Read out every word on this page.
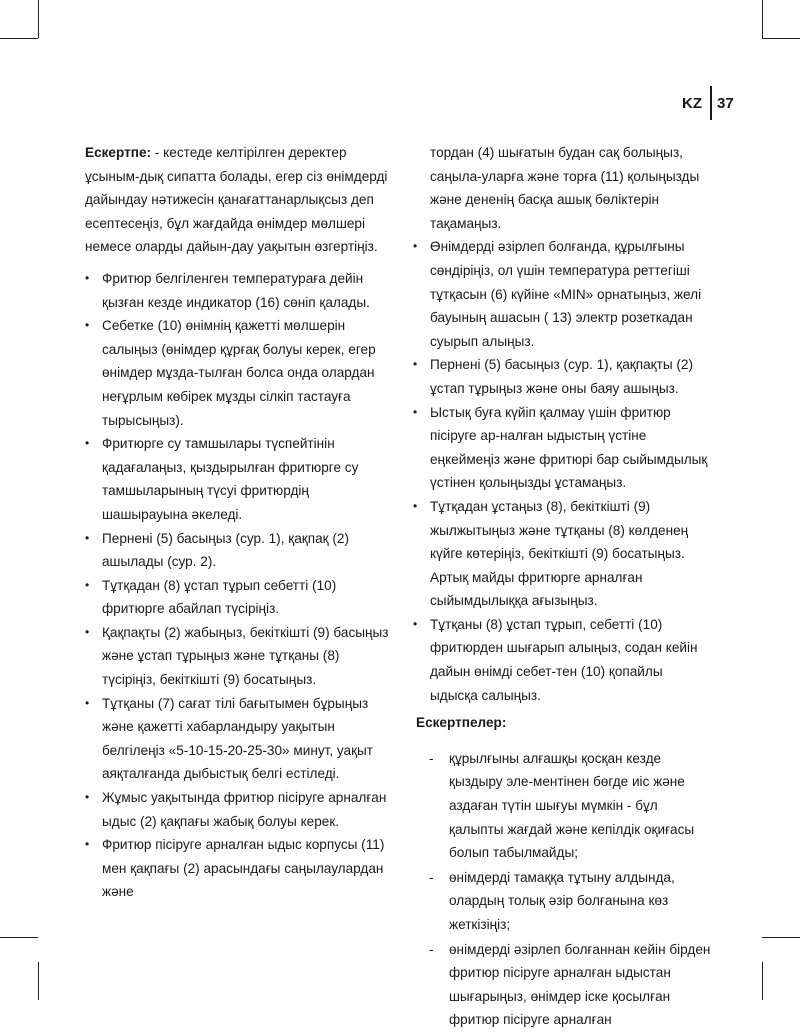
KZ 37

Ескертпе: - кестеде келтірілген деректер ұсыным-дық сипатта болады, егер сіз өнімдерді дайындау нәтижесін қанағаттанарлықсыз деп есептесеңіз, бұл жағдайда өнімдер мөлшері немесе оларды дайын-дау уақытын өзгертіңіз.

• Фритюр белгіленген температураға дейін қызған кезде индикатор (16) сөніп қалады.
• Себетке (10) өнімнің қажетті мөлшерін салыңыз (өнімдер құрғақ болуы керек, егер өнімдер мұзда-тылған болса онда олардан неғұрлым көбірек мұзды сілкіп тастауға тырысыңыз).
• Фритюрге су тамшылары түспейтінін қадағалаңыз, қыздырылған фритюрге су тамшыларының түсуі фритюрдің шашырауына әкеледі.
• Пернені (5) басыңыз (сур. 1), қақпақ (2) ашылады (сур. 2).
• Тұтқадан (8) ұстап тұрып себетті (10) фритюрге абайлап түсіріңіз.
• Қақпақты (2) жабыңыз, бекіткішті (9) басыңыз және ұстап тұрыңыз және тұтқаны (8) түсіріңіз, бекіткішті (9) босатыңыз.
• Тұтқаны (7) сағат тілі бағытымен бұрыңыз және қажетті хабарландыру уақытын белгілеңіз «5-10-15-20-25-30» минут, уақыт аяқталғанда дыбыстық белгі естіледі.
• Жұмыс уақытында фритюр пісіруге арналған ыдыс (2) қақпағы жабық болуы керек.
• Фритюр пісіруге арналған ыдыс корпусы (11) мен қақпағы (2) арасындағы саңылаулардан және

тордан (4) шығатын будан сақ болыңыз, саңыла-уларға және торға (11) қолыңызды және дененің басқа ашық бөліктерін тақамаңыз.

• Өнімдерді әзірлеп болғанда, құрылғыны сөндіріңіз, ол үшін температура реттегіші тұтқасын (6) күйіне «MIN» орнатыңыз, желі бауының ашасын ( 13) электр розеткадан суырып алыңыз.
• Пернені (5) басыңыз (сур. 1), қақпақты (2) ұстап тұрыңыз және оны баяу ашыңыз.
• Ыстық буға күйіп қалмау үшін фритюр пісіруге ар-налған ыдыстың үстіне еңкеймеңіз және фритюрі бар сыйымдылық үстінен қолыңызды ұстамаңыз.
• Тұтқадан ұстаңыз (8), бекіткішті (9) жылжытыңыз және тұтқаны (8) көлденең күйге көтеріңіз, бекіткішті (9) босатыңыз. Артық майды фритюрге арналған сыйымдылыққа ағызыңыз.
• Тұтқаны (8) ұстап тұрып, себетті (10) фритюрден шығарып алыңыз, содан кейін дайын өнімді себет-тен (10) қопайлы ыдысқа салыңыз.

Ескертпелер:

- құрылғыны алғашқы қосқан кезде қыздыру эле-ментінен бөгде иіс және аздаған түтін шығуы мүмкін - бұл қалыпты жағдай және кепілдік оқиғасы болып табылмайды;
- өнімдерді тамаққа тұтыну алдында, олардың толық әзір болғанына көз жеткізіңіз;
- өнімдерді әзірлеп болғаннан кейін бірден фритюр пісіруге арналған ыдыстан шығарыңыз, өнімдер іске қосылған фритюр пісіруге арналған
